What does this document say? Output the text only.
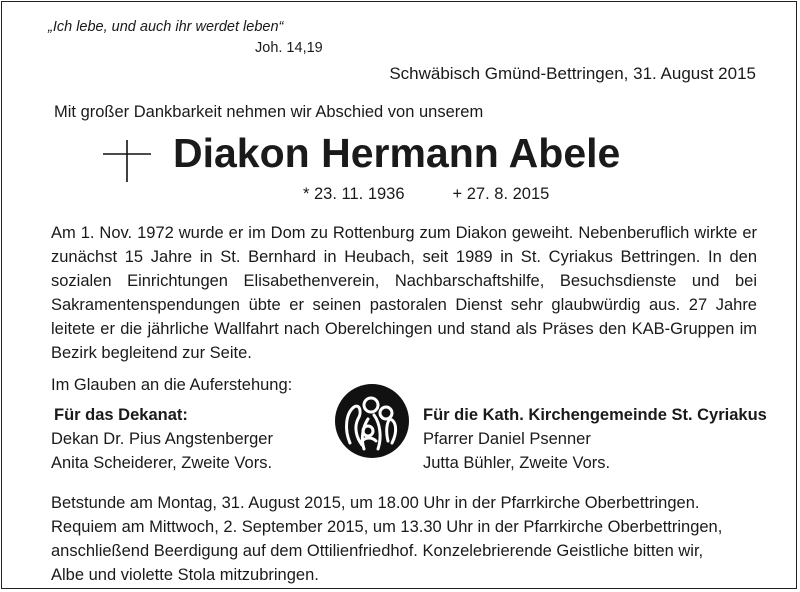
„Ich lebe, und auch ihr werdet leben“
Joh. 14,19
Schwäbisch Gmünd-Bettringen, 31. August 2015
Mit großer Dankbarkeit nehmen wir Abschied von unserem
Diakon Hermann Abele
* 23. 11. 1936	+ 27. 8. 2015
Am 1. Nov. 1972 wurde er im Dom zu Rottenburg zum Diakon geweiht. Nebenberuflich wirkte er zunächst 15 Jahre in St. Bernhard in Heubach, seit 1989 in St. Cyriakus Bettringen. In den sozialen Einrichtungen Elisabethenverein, Nachbarschaftshilfe, Besuchsdienste und bei Sakramentenspendungen übte er seinen pastoralen Dienst sehr glaubwürdig aus. 27 Jahre leitete er die jährliche Wallfahrt nach Oberelchingen und stand als Präses den KAB-Gruppen im Bezirk begleitend zur Seite.
Im Glauben an die Auferstehung:
Für das Dekanat:
Dekan Dr. Pius Angstenberger
Anita Scheiderer, Zweite Vors.
Für die Kath. Kirchengemeinde St. Cyriakus
Pfarrer Daniel Psenner
Jutta Bühler, Zweite Vors.
Betstunde am Montag, 31. August 2015, um 18.00 Uhr in der Pfarrkirche Oberbettringen.
Requiem am Mittwoch, 2. September 2015, um 13.30 Uhr in der Pfarrkirche Oberbettringen,
anschließend Beerdigung auf dem Ottilienfriedhof. Konzelebrierende Geistliche bitten wir,
Albe und violette Stola mitzubringen.
